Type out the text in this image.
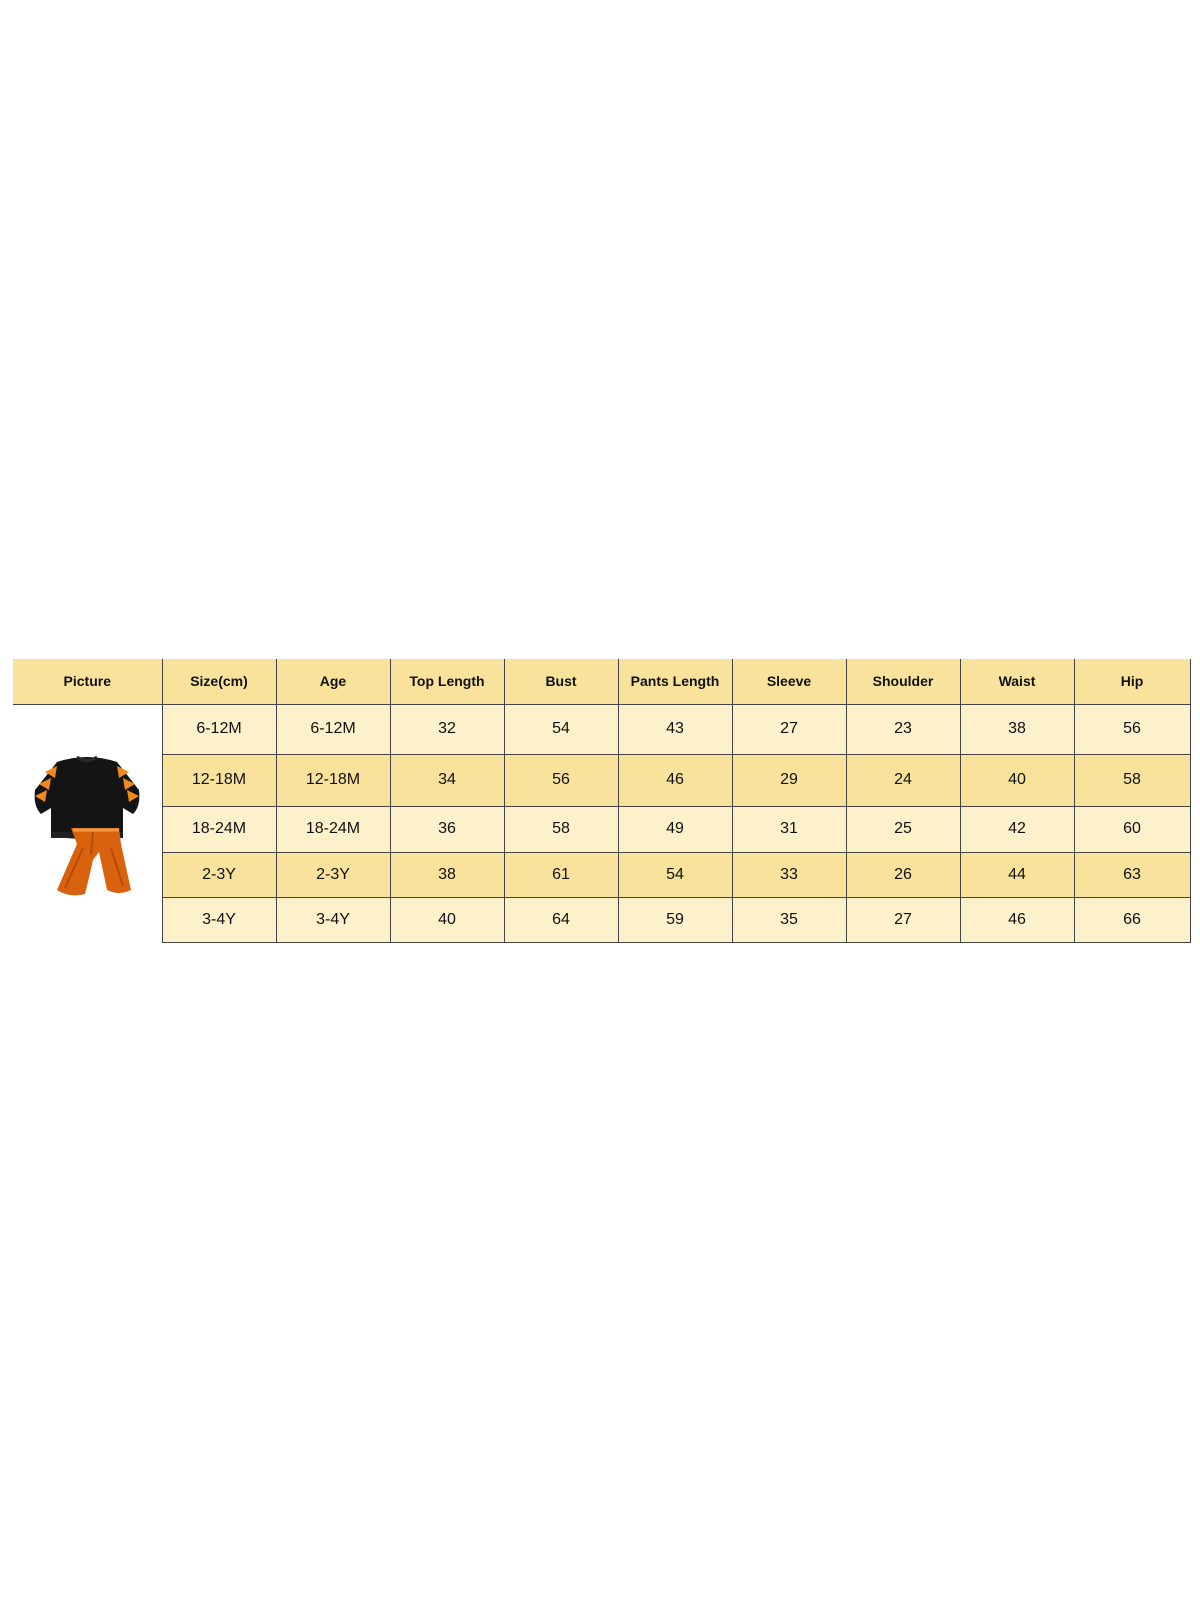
Picture	Size(cm)	Age	Top Length	Bust	Pants Length	Sleeve	Shoulder	Waist	Hip

	6-12M	6-12M	32	54	43	27	23	38	56
	12-18M	12-18M	34	56	46	29	24	40	58
	18-24M	18-24M	36	58	49	31	25	42	60
	2-3Y	2-3Y	38	61	54	33	26	44	63
	3-4Y	3-4Y	40	64	59	35	27	46	66
